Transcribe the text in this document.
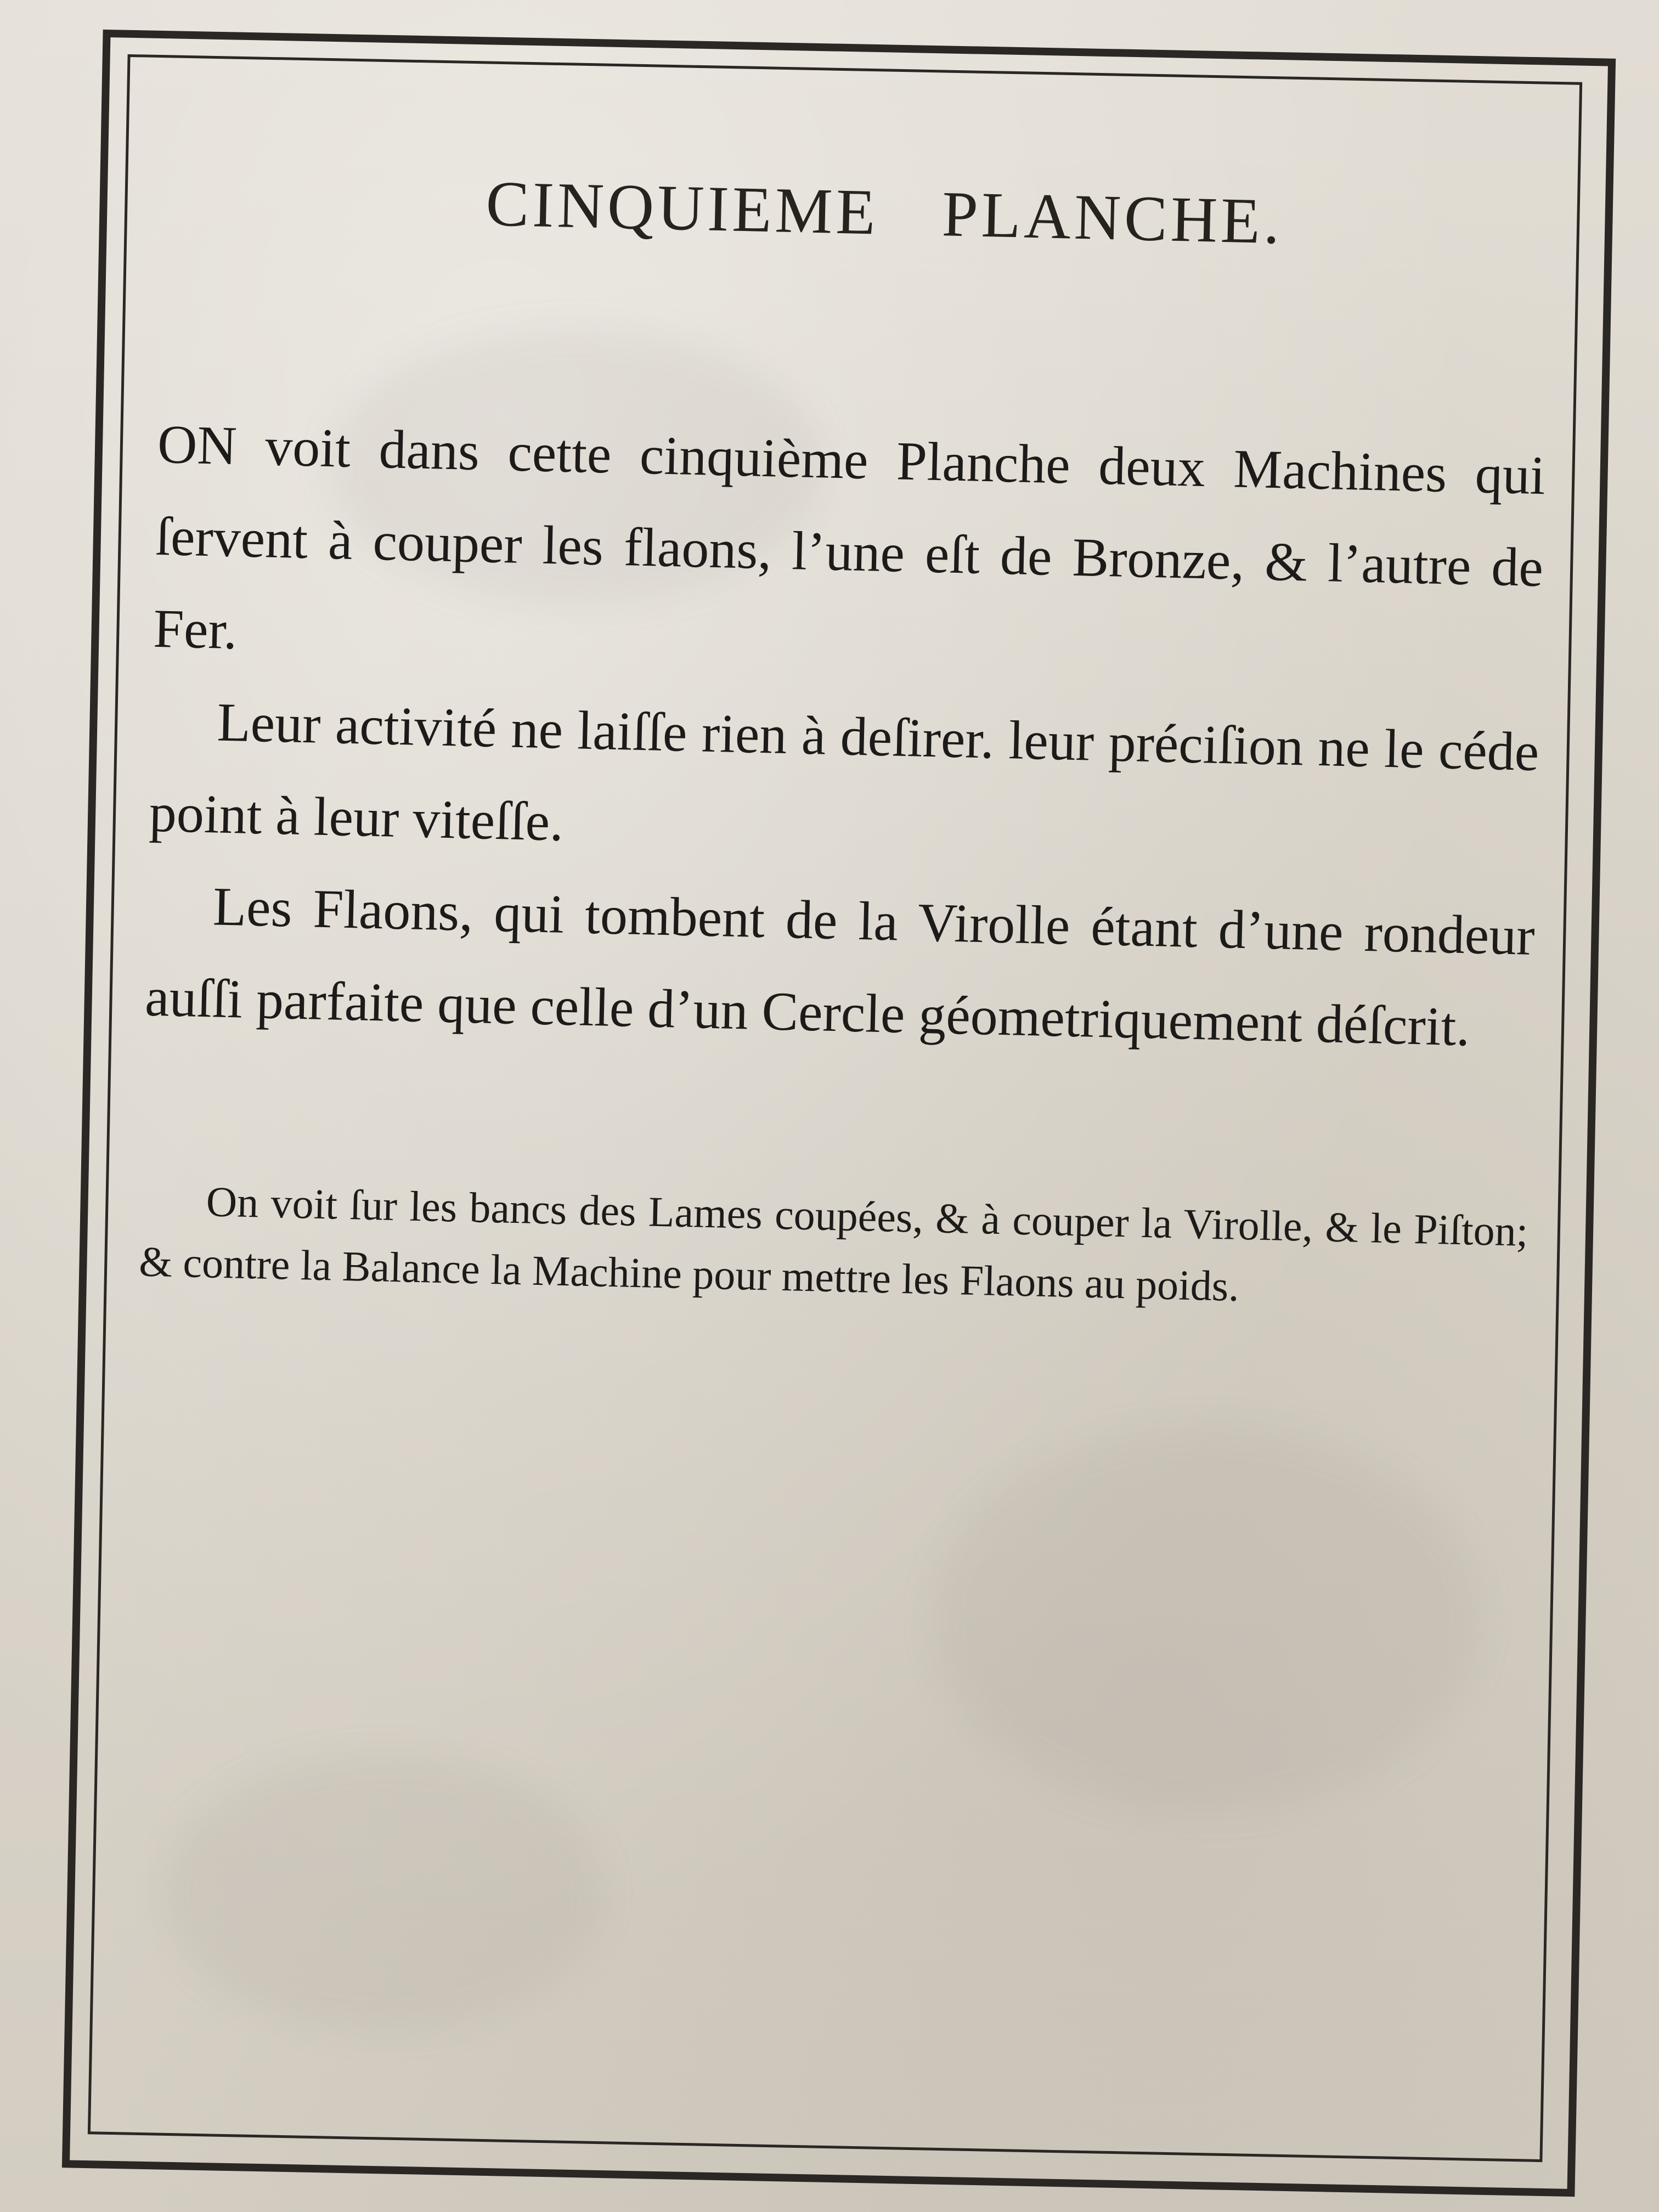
CINQUIEME PLANCHE.

ON voit dans cette cinquième Planche deux Machines qui ſervent à couper les flaons, l’une eſt de Bronze, & l’autre de Fer.

Leur activité ne laiſſe rien à deſirer. leur préciſion ne le céde point à leur viteſſe.

Les Flaons, qui tombent de la Virolle étant d’une rondeur auſſi parfaite que celle d’un Cercle géometriquement déſcrit.

On voit ſur les bancs des Lames coupées, & à couper la Virolle, & le Piſton; & contre la Balance la Machine pour mettre les Flaons au poids.
